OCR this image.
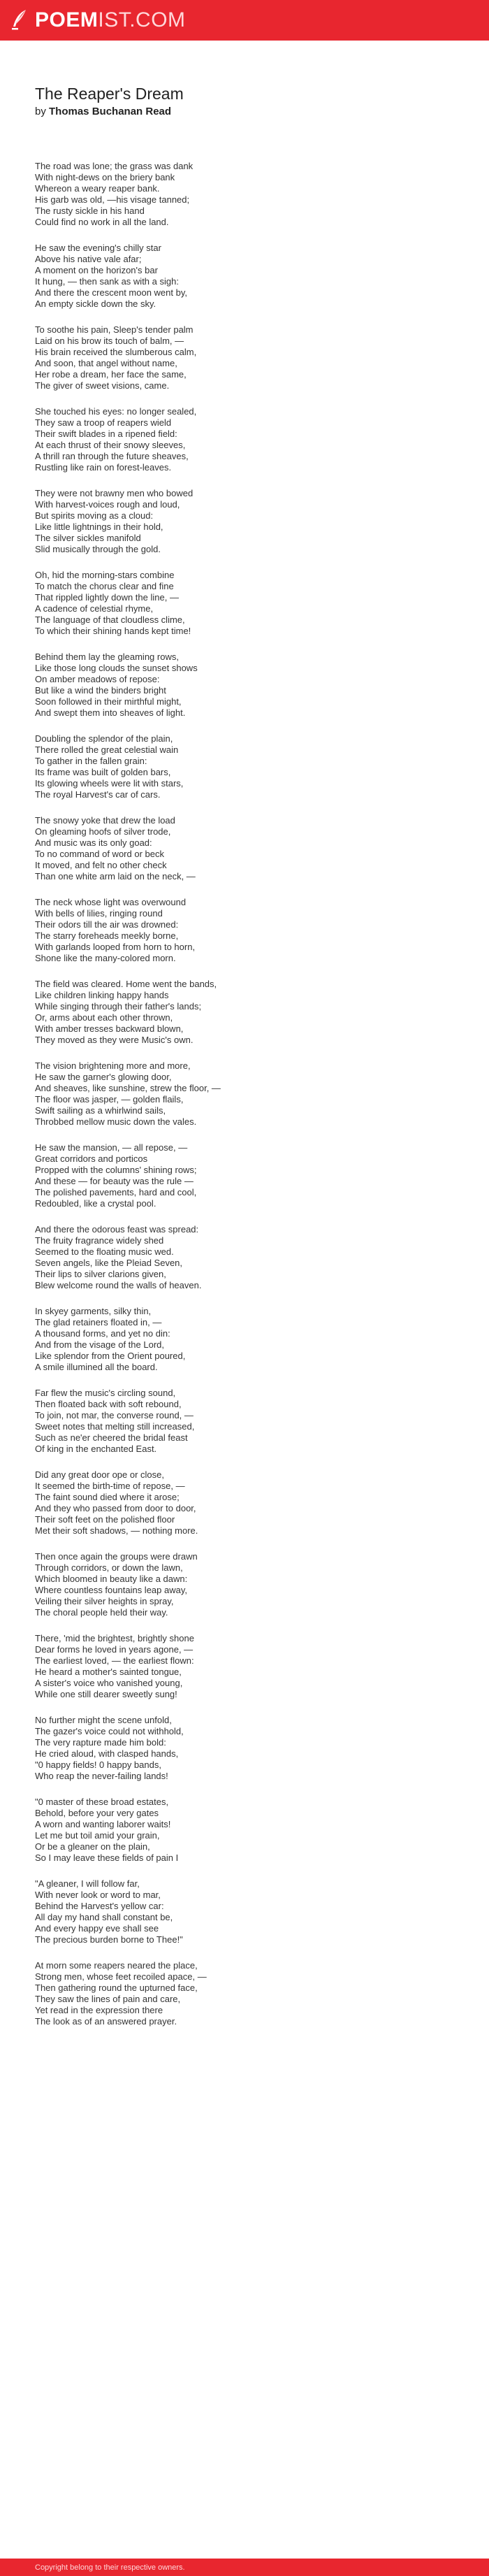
POEMIST.COM
The Reaper's Dream
by Thomas Buchanan Read
The road was lone; the grass was dank
With night-dews on the briery bank
Whereon a weary reaper bank.
His garb was old, —his visage tanned;
The rusty sickle in his hand
Could find no work in all the land.
He saw the evening's chilly star
Above his native vale afar;
A moment on the horizon's bar
It hung, — then sank as with a sigh:
And there the crescent moon went by,
An empty sickle down the sky.
To soothe his pain, Sleep's tender palm
Laid on his brow its touch of balm, —
His brain received the slumberous calm,
And soon, that angel without name,
Her robe a dream, her face the same,
The giver of sweet visions, came.
She touched his eyes: no longer sealed,
They saw a troop of reapers wield
Their swift blades in a ripened field:
At each thrust of their snowy sleeves,
A thrill ran through the future sheaves,
Rustling like rain on forest-leaves.
They were not brawny men who bowed
With harvest-voices rough and loud,
But spirits moving as a cloud:
Like little lightnings in their hold,
The silver sickles manifold
Slid musically through the gold.
Oh, hid the morning-stars combine
To match the chorus clear and fine
That rippled lightly down the line, —
A cadence of celestial rhyme,
The language of that cloudless clime,
To which their shining hands kept time!
Behind them lay the gleaming rows,
Like those long clouds the sunset shows
On amber meadows of repose:
But like a wind the binders bright
Soon followed in their mirthful might,
And swept them into sheaves of light.
Doubling the splendor of the plain,
There rolled the great celestial wain
To gather in the fallen grain:
Its frame was built of golden bars,
Its glowing wheels were lit with stars,
The royal Harvest's car of cars.
The snowy yoke that drew the load
On gleaming hoofs of silver trode,
And music was its only goad:
To no command of word or beck
It moved, and felt no other check
Than one white arm laid on the neck, —
The neck whose light was overwound
With bells of lilies, ringing round
Their odors till the air was drowned:
The starry foreheads meekly borne,
With garlands looped from horn to horn,
Shone like the many-colored morn.
The field was cleared. Home went the bands,
Like children linking happy hands
While singing through their father's lands;
Or, arms about each other thrown,
With amber tresses backward blown,
They moved as they were Music's own.
The vision brightening more and more,
He saw the garner's glowing door,
And sheaves, like sunshine, strew the floor, —
The floor was jasper, — golden flails,
Swift sailing as a whirlwind sails,
Throbbed mellow music down the vales.
He saw the mansion, — all repose, —
Great corridors and porticos
Propped with the columns' shining rows;
And these — for beauty was the rule —
The polished pavements, hard and cool,
Redoubled, like a crystal pool.
And there the odorous feast was spread:
The fruity fragrance widely shed
Seemed to the floating music wed.
Seven angels, like the Pleiad Seven,
Their lips to silver clarions given,
Blew welcome round the walls of heaven.
In skyey garments, silky thin,
The glad retainers floated in, —
A thousand forms, and yet no din:
And from the visage of the Lord,
Like splendor from the Orient poured,
A smile illumined all the board.
Far flew the music's circling sound,
Then floated back with soft rebound,
To join, not mar, the converse round, —
Sweet notes that melting still increased,
Such as ne'er cheered the bridal feast
Of king in the enchanted East.
Did any great door ope or close,
It seemed the birth-time of repose, —
The faint sound died where it arose;
And they who passed from door to door,
Their soft feet on the polished floor
Met their soft shadows, — nothing more.
Then once again the groups were drawn
Through corridors, or down the lawn,
Which bloomed in beauty like a dawn:
Where countless fountains leap away,
Veiling their silver heights in spray,
The choral people held their way.
There, 'mid the brightest, brightly shone
Dear forms he loved in years agone, —
The earliest loved, — the earliest flown:
He heard a mother's sainted tongue,
A sister's voice who vanished young,
While one still dearer sweetly sung!
No further might the scene unfold,
The gazer's voice could not withhold,
The very rapture made him bold:
He cried aloud, with clasped hands,
"0 happy fields! 0 happy bands,
Who reap the never-failing lands!
"0 master of these broad estates,
Behold, before your very gates
A worn and wanting laborer waits!
Let me but toil amid your grain,
Or be a gleaner on the plain,
So I may leave these fields of pain I
"A gleaner, I will follow far,
With never look or word to mar,
Behind the Harvest's yellow car:
All day my hand shall constant be,
And every happy eve shall see
The precious burden borne to Thee!"
At morn some reapers neared the place,
Strong men, whose feet recoiled apace, —
Then gathering round the upturned face,
They saw the lines of pain and care,
Yet read in the expression there
The look as of an answered prayer.
Copyright belong to their respective owners.
